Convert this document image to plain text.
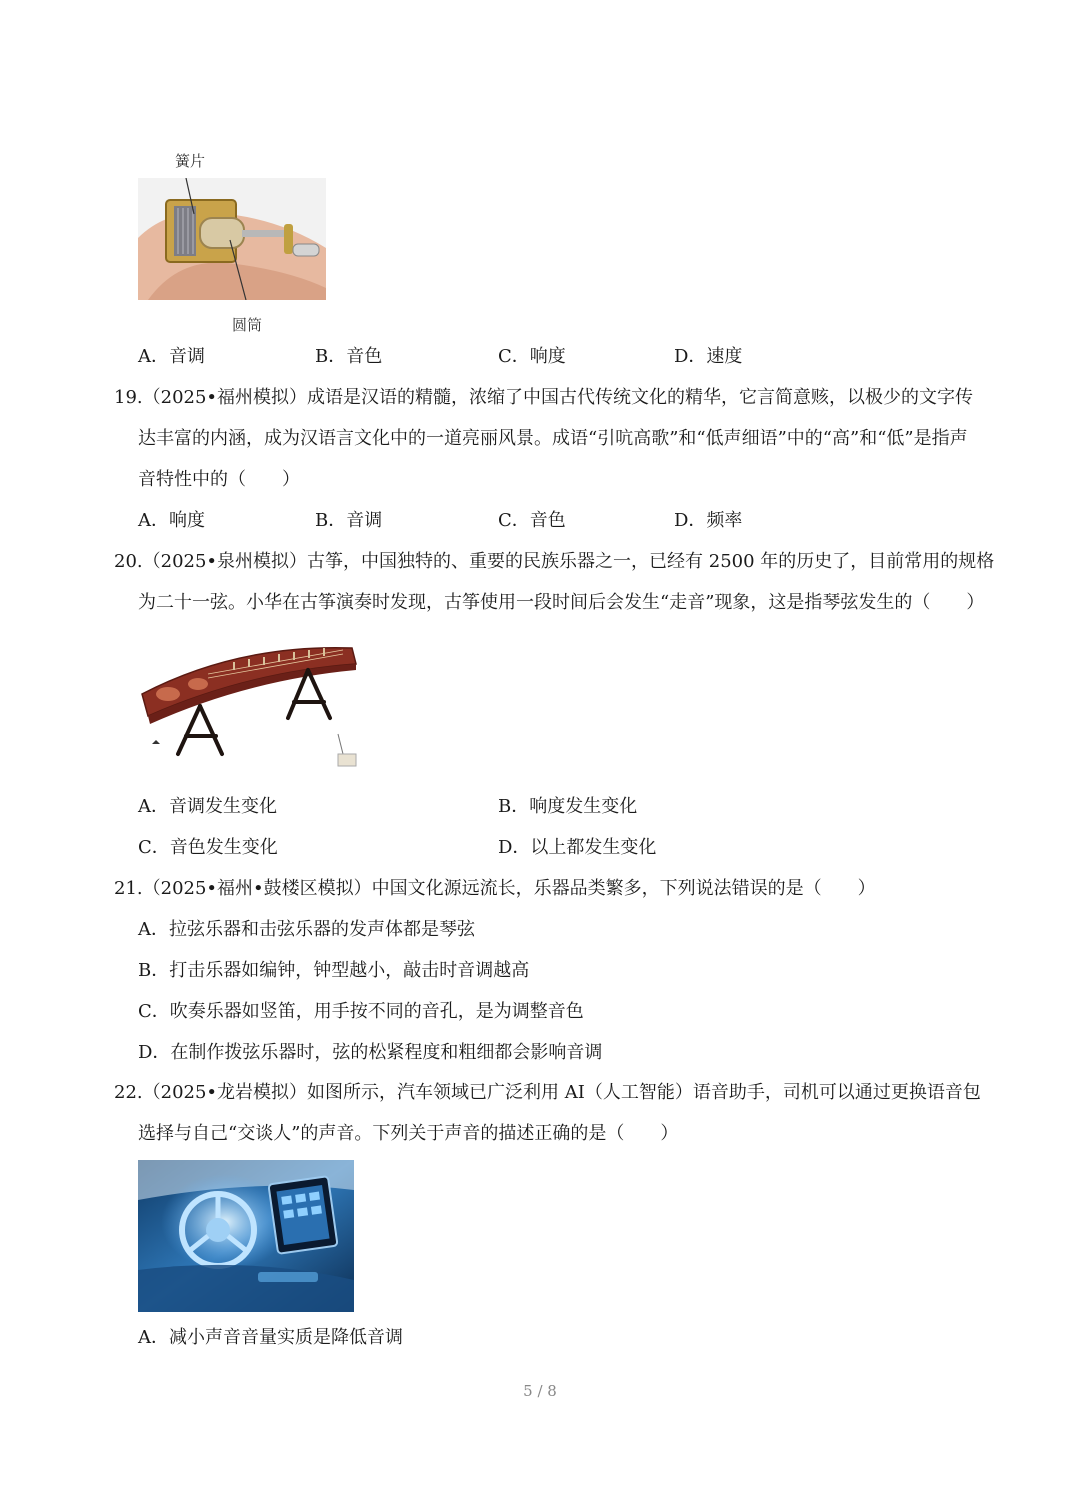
簧片
圆筒
A．音调	B．音色	C．响度	D．速度
19.（2025•福州模拟）成语是汉语的精髓，浓缩了中国古代传统文化的精华，它言简意赅，以极少的文字传
达丰富的内涵，成为汉语言文化中的一道亮丽风景。成语“引吭高歌”和“低声细语”中的“高”和“低”是指声
音特性中的（　　）
A．响度	B．音调	C．音色	D．频率
20.（2025•泉州模拟）古筝，中国独特的、重要的民族乐器之一，已经有 2500 年的历史了，目前常用的规格
为二十一弦。小华在古筝演奏时发现，古筝使用一段时间后会发生“走音”现象，这是指琴弦发生的（　　）
A．音调发生变化	B．响度发生变化
C．音色发生变化	D．以上都发生变化
21.（2025•福州•鼓楼区模拟）中国文化源远流长，乐器品类繁多，下列说法错误的是（　　）
A．拉弦乐器和击弦乐器的发声体都是琴弦
B．打击乐器如编钟，钟型越小，敲击时音调越高
C．吹奏乐器如竖笛，用手按不同的音孔，是为调整音色
D．在制作拨弦乐器时，弦的松紧程度和粗细都会影响音调
22.（2025•龙岩模拟）如图所示，汽车领域已广泛利用 AI（人工智能）语音助手，司机可以通过更换语音包
选择与自己“交谈人”的声音。下列关于声音的描述正确的是（　　）
A．减小声音音量实质是降低音调
5 / 8
